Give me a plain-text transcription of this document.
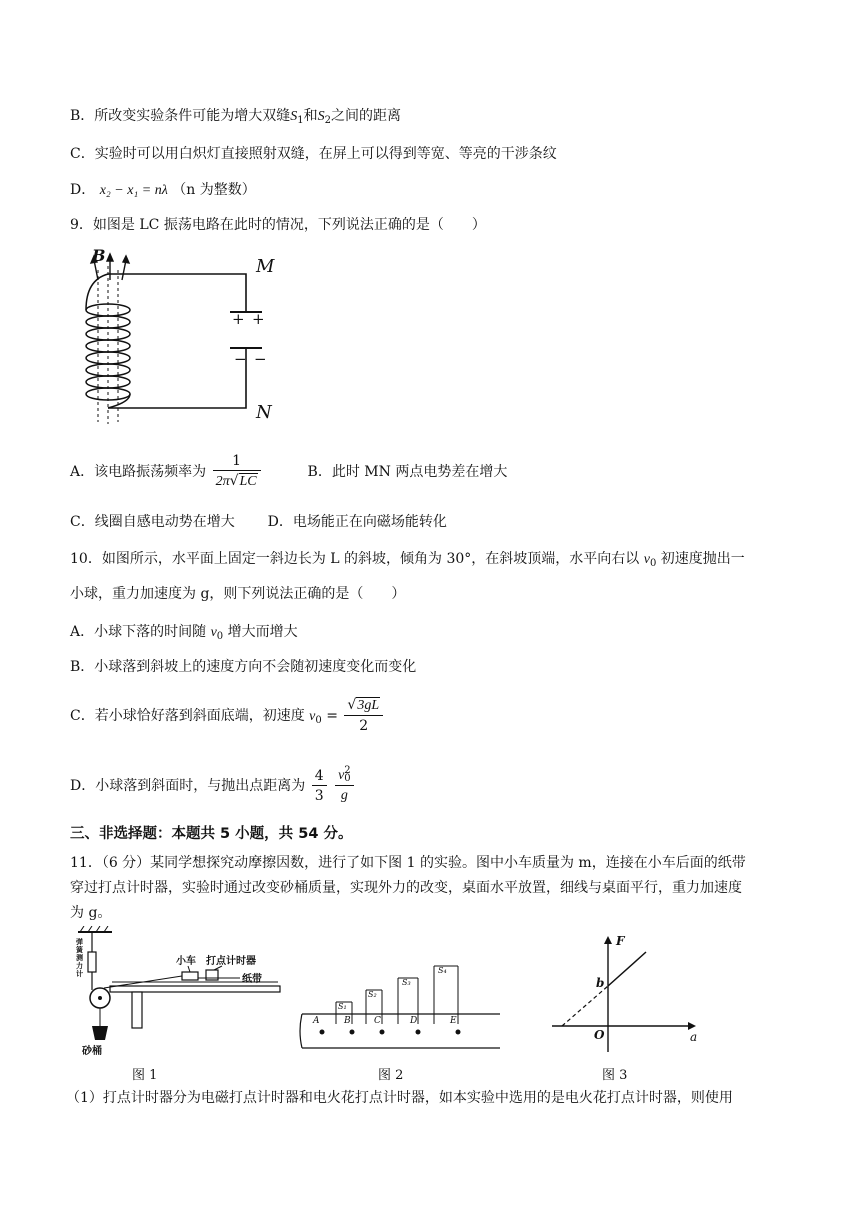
B．所改变实验条件可能为增大双缝$S_1$和$S_2$之间的距离
C．实验时可以用白炽灯直接照射双缝，在屏上可以得到等宽、等亮的干涉条纹
D． x₂ − x₁ = nλ （n 为整数）
9．如图是 LC 振荡电路在此时的情况，下列说法正确的是（　　）
B
M
N
+ +
− −
A．该电路振荡频率为 $\frac{1}{2\pi√LC}$	B．此时 MN 两点电势差在增大
C．线圈自感电动势在增大 D．电场能正在向磁场能转化
10．如图所示，水平面上固定一斜边长为 L 的斜坡，倾角为 30°，在斜坡顶端，水平向右以 $v_0$ 初速度抛出一
小球，重力加速度为 g，则下列说法正确的是（　　）
A．小球下落的时间随 $v_0$ 增大而增大
B．小球落到斜坡上的速度方向不会随初速度变化而变化
C．若小球恰好落到斜面底端，初速度 $v_0 = \frac{√3gL}{2}$
D．小球落到斜面时，与抛出点距离为 $\frac{4}{3}$
v 2
0
g
三、非选择题：本题共 5 小题，共 54 分。
11．（6 分）某同学想探究动摩擦因数，进行了如下图 1 的实验。图中小车质量为 m，连接在小车后面的纸带
穿过打点计时器，实验时通过改变砂桶质量，实现外力的改变，桌面水平放置，细线与桌面平行，重力加速度
为 g。
弹簧测力计
小车 打点计时器
纸带
砂桶
图 1
A	B	C	D	E
S₁
S₂
S₃
S₄
图 2
F
a
O
b
图 3
（1）打点计时器分为电磁打点计时器和电火花打点计时器，如本实验中选用的是电火花打点计时器，则使用
